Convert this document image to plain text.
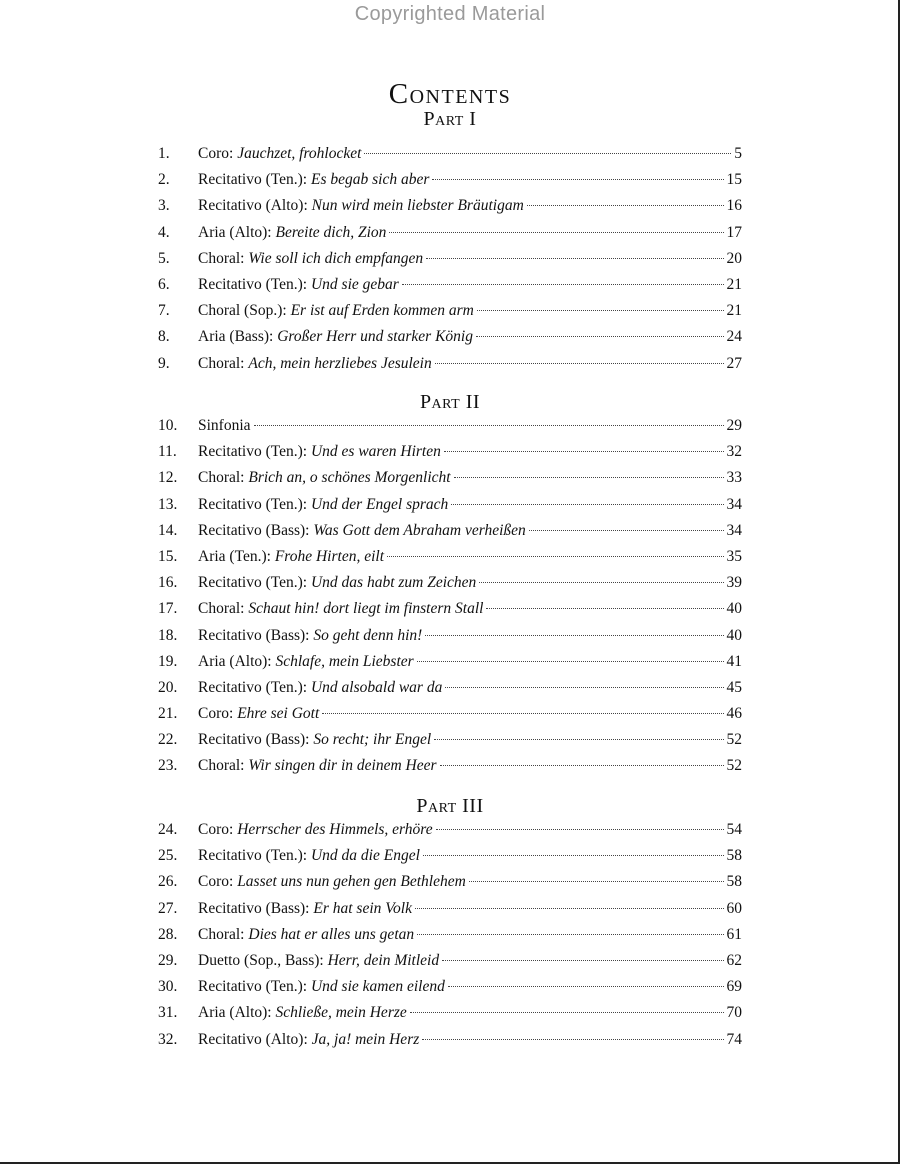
Copyrighted Material
Contents
Part I
1.	Coro: Jauchzet, frohlocket	5
2.	Recitativo (Ten.): Es begab sich aber	15
3.	Recitativo (Alto): Nun wird mein liebster Bräutigam	16
4.	Aria (Alto): Bereite dich, Zion	17
5.	Choral: Wie soll ich dich empfangen	20
6.	Recitativo (Ten.): Und sie gebar	21
7.	Choral (Sop.): Er ist auf Erden kommen arm	21
8.	Aria (Bass): Großer Herr und starker König	24
9.	Choral: Ach, mein herzliebes Jesulein	27
Part II
10.	Sinfonia	29
11.	Recitativo (Ten.): Und es waren Hirten	32
12.	Choral: Brich an, o schönes Morgenlicht	33
13.	Recitativo (Ten.): Und der Engel sprach	34
14.	Recitativo (Bass): Was Gott dem Abraham verheißen	34
15.	Aria (Ten.): Frohe Hirten, eilt	35
16.	Recitativo (Ten.): Und das habt zum Zeichen	39
17.	Choral: Schaut hin! dort liegt im finstern Stall	40
18.	Recitativo (Bass): So geht denn hin!	40
19.	Aria (Alto): Schlafe, mein Liebster	41
20.	Recitativo (Ten.): Und alsobald war da	45
21.	Coro: Ehre sei Gott	46
22.	Recitativo (Bass): So recht; ihr Engel	52
23.	Choral: Wir singen dir in deinem Heer	52
Part III
24.	Coro: Herrscher des Himmels, erhöre	54
25.	Recitativo (Ten.): Und da die Engel	58
26.	Coro: Lasset uns nun gehen gen Bethlehem	58
27.	Recitativo (Bass): Er hat sein Volk	60
28.	Choral: Dies hat er alles uns getan	61
29.	Duetto (Sop., Bass): Herr, dein Mitleid	62
30.	Recitativo (Ten.): Und sie kamen eilend	69
31.	Aria (Alto): Schließe, mein Herze	70
32.	Recitativo (Alto): Ja, ja! mein Herz	74
